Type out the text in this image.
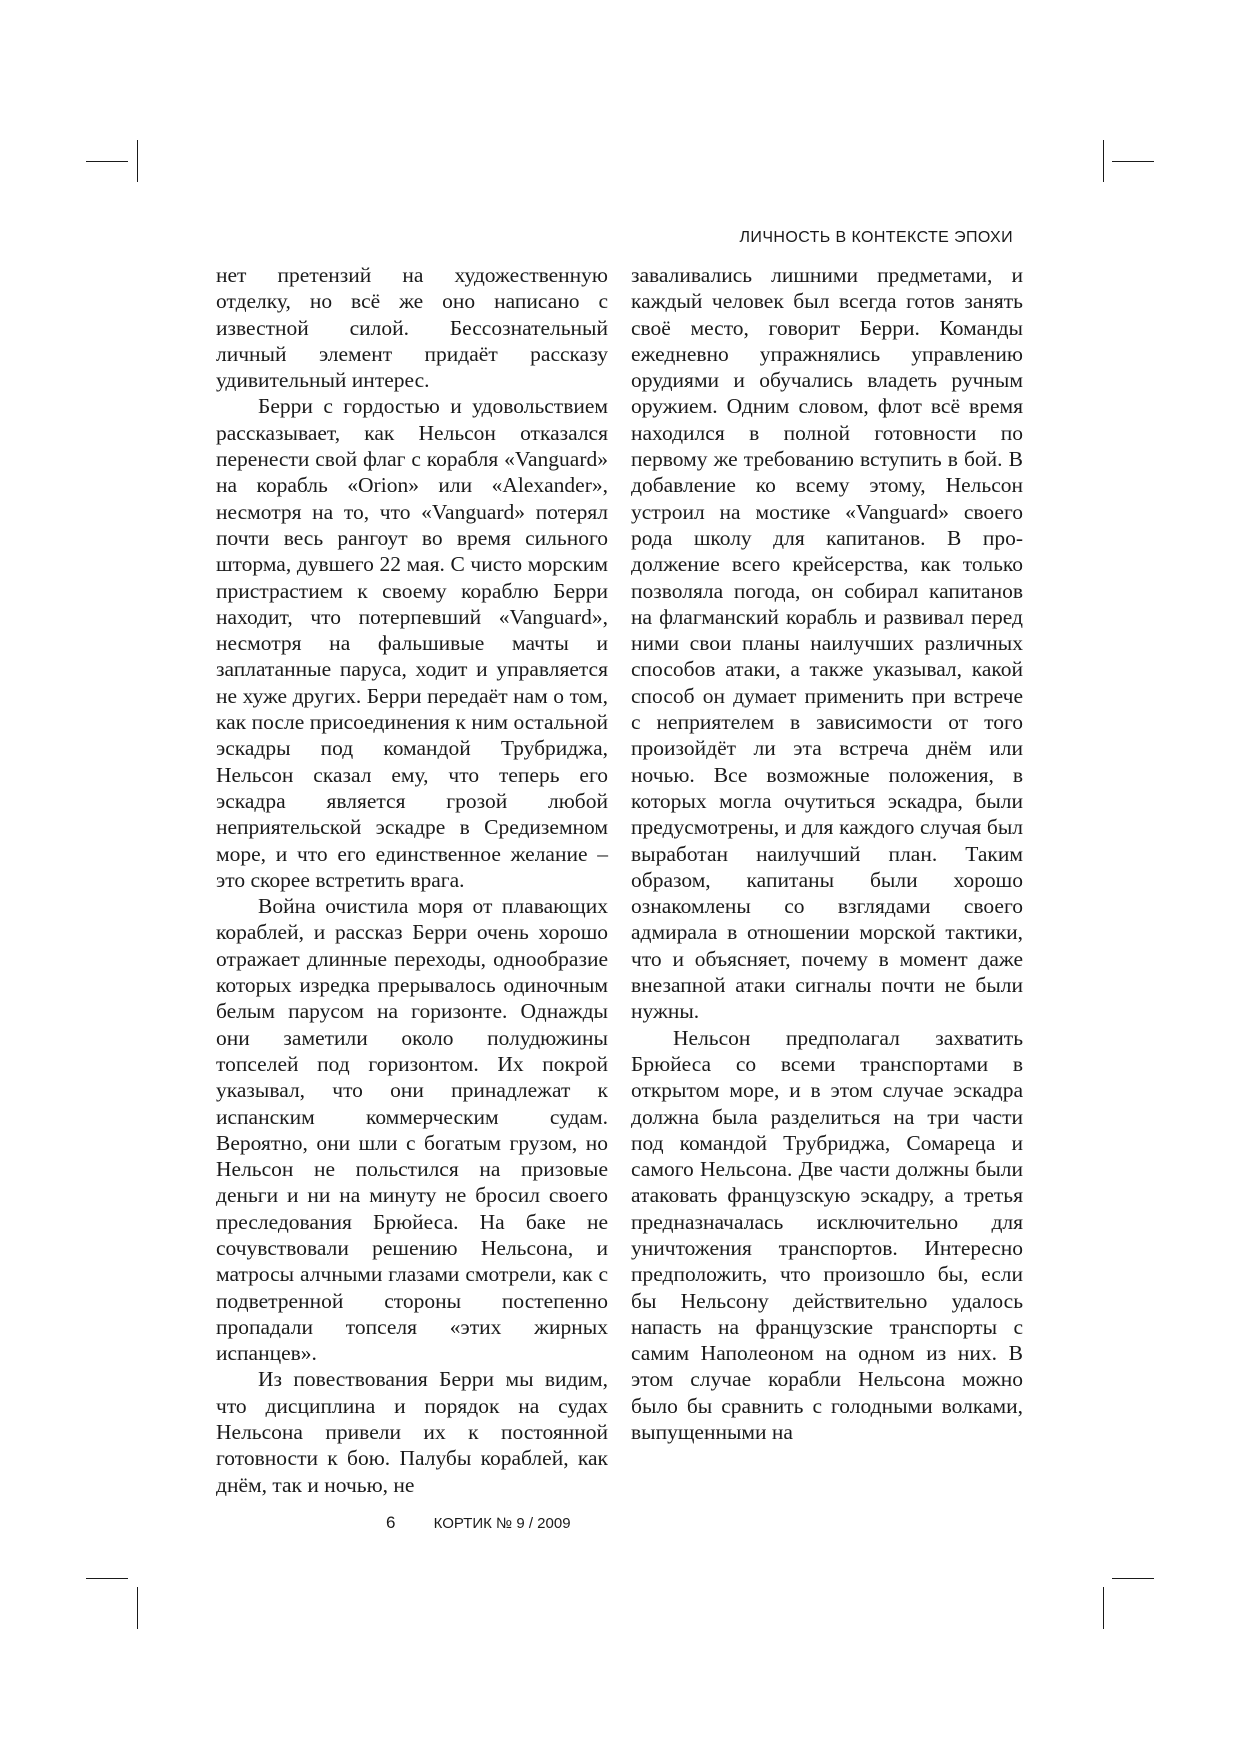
ЛИЧНОСТЬ В КОНТЕКСТЕ ЭПОХИ

нет претензий на художественную отделку, но всё же оно написано с известной силой. Бессознательный личный элемент придаёт рассказу удивительный интерес.

Берри с гордостью и удовольствием рассказывает, как Нельсон отказался перенести свой флаг с корабля «Vanguard» на корабль «Orion» или «Alexander», несмотря на то, что «Vanguard» потерял почти весь рангоут во время сильного шторма, дувшего 22 мая. С чисто морским пристрастием к своему кораблю Берри находит, что потерпевший «Vanguard», несмотря на фальшивые мачты и заплатанные паруса, ходит и управляется не хуже других. Берри передаёт нам о том, как после присоединения к ним остальной эскадры под командой Трубриджа, Нельсон сказал ему, что теперь его эскадра является грозой любой неприятельской эскадре в Средиземном море, и что его единственное желание – это скорее встретить врага.

Война очистила моря от плавающих кораблей, и рассказ Берри очень хорошо отражает длинные переходы, однообразие которых изредка прерывалось одиночным белым парусом на горизонте. Однажды они заметили около полудюжины топселей под горизонтом. Их покрой указывал, что они принадлежат к испанским коммерческим судам. Вероятно, они шли с богатым грузом, но Нельсон не польстился на призовые деньги и ни на минуту не бросил своего преследования Брюйеса. На баке не сочувствовали решению Нельсона, и матросы алчными глазами смотрели, как с подветренной стороны постепенно пропадали топселя «этих жирных испанцев».

Из повествования Берри мы видим, что дисциплина и порядок на судах Нельсона привели их к постоянной готовности к бою. Палубы кораблей, как днём, так и ночью, не

заваливались лишними предметами, и каждый человек был всегда готов занять своё место, говорит Берри. Команды ежедневно упражнялись управлению орудиями и обучались владеть ручным оружием. Одним словом, флот всё время находился в полной готовности по первому же требованию вступить в бой. В добавление ко всему этому, Нельсон устроил на мостике «Vanguard» своего рода школу для капитанов. В продолжение всего крейсерства, как только позволяла погода, он собирал капитанов на флагманский корабль и развивал перед ними свои планы наилучших различных способов атаки, а также указывал, какой способ он думает применить при встрече с неприятелем в зависимости от того произойдёт ли эта встреча днём или ночью. Все возможные положения, в которых могла очутиться эскадра, были предусмотрены, и для каждого случая был выработан наилучший план. Таким образом, капитаны были хорошо ознакомлены со взглядами своего адмирала в отношении морской тактики, что и объясняет, почему в момент даже внезапной атаки сигналы почти не были нужны.

Нельсон предполагал захватить Брюйеса со всеми транспортами в открытом море, и в этом случае эскадра должна была разделиться на три части под командой Трубриджа, Сомареца и самого Нельсона. Две части должны были атаковать французскую эскадру, а третья предназначалась исключительно для уничтожения транспортов. Интересно предположить, что произошло бы, если бы Нельсону действительно удалось напасть на французские транспорты с самим Наполеоном на одном из них. В этом случае корабли Нельсона можно было бы сравнить с голодными волками, выпущенными на

6	КОРТИК № 9 / 2009
